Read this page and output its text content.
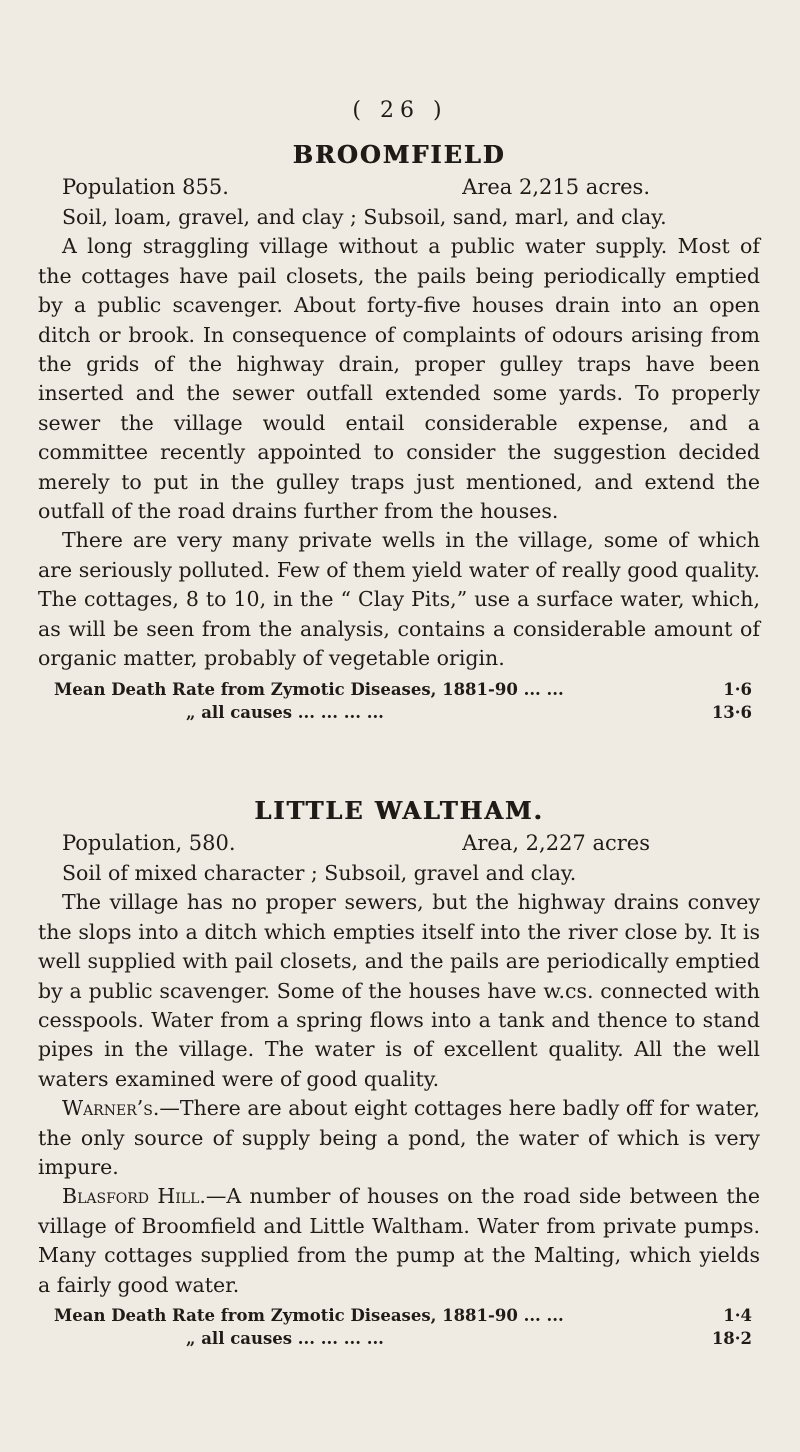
( 26 )
BROOMFIELD
Population 855.	Area 2,215 acres.

Soil, loam, gravel, and clay ; Subsoil, sand, marl, and clay.

A long straggling village without a public water supply. Most of the cottages have pail closets, the pails being periodically emptied by a public scavenger. About forty-five houses drain into an open ditch or brook. In consequence of complaints of odours arising from the grids of the highway drain, proper gulley traps have been inserted and the sewer outfall extended some yards. To properly sewer the village would entail considerable expense, and a committee recently appointed to consider the suggestion decided merely to put in the gulley traps just mentioned, and extend the outfall of the road drains further from the houses.

There are very many private wells in the village, some of which are seriously polluted. Few of them yield water of really good quality. The cottages, 8 to 10, in the “ Clay Pits,” use a surface water, which, as will be seen from the analysis, contains a considerable amount of organic matter, probably of vegetable origin.

Mean Death Rate from Zymotic Diseases, 1881-90 ... ...	1·6
„ all causes ... ... ... ...	13·6
LITTLE WALTHAM.
Population, 580.	Area, 2,227 acres

Soil of mixed character ; Subsoil, gravel and clay.

The village has no proper sewers, but the highway drains convey the slops into a ditch which empties itself into the river close by. It is well supplied with pail closets, and the pails are periodically emptied by a public scavenger. Some of the houses have w.cs. connected with cesspools. Water from a spring flows into a tank and thence to stand pipes in the village. The water is of excellent quality. All the well waters examined were of good quality.

Warner’s.—There are about eight cottages here badly off for water, the only source of supply being a pond, the water of which is very impure.

Blasford Hill.—A number of houses on the road side between the village of Broomfield and Little Waltham. Water from private pumps. Many cottages supplied from the pump at the Malting, which yields a fairly good water.

Mean Death Rate from Zymotic Diseases, 1881-90 ... ...	1·4
„ all causes ... ... ... ...	18·2
